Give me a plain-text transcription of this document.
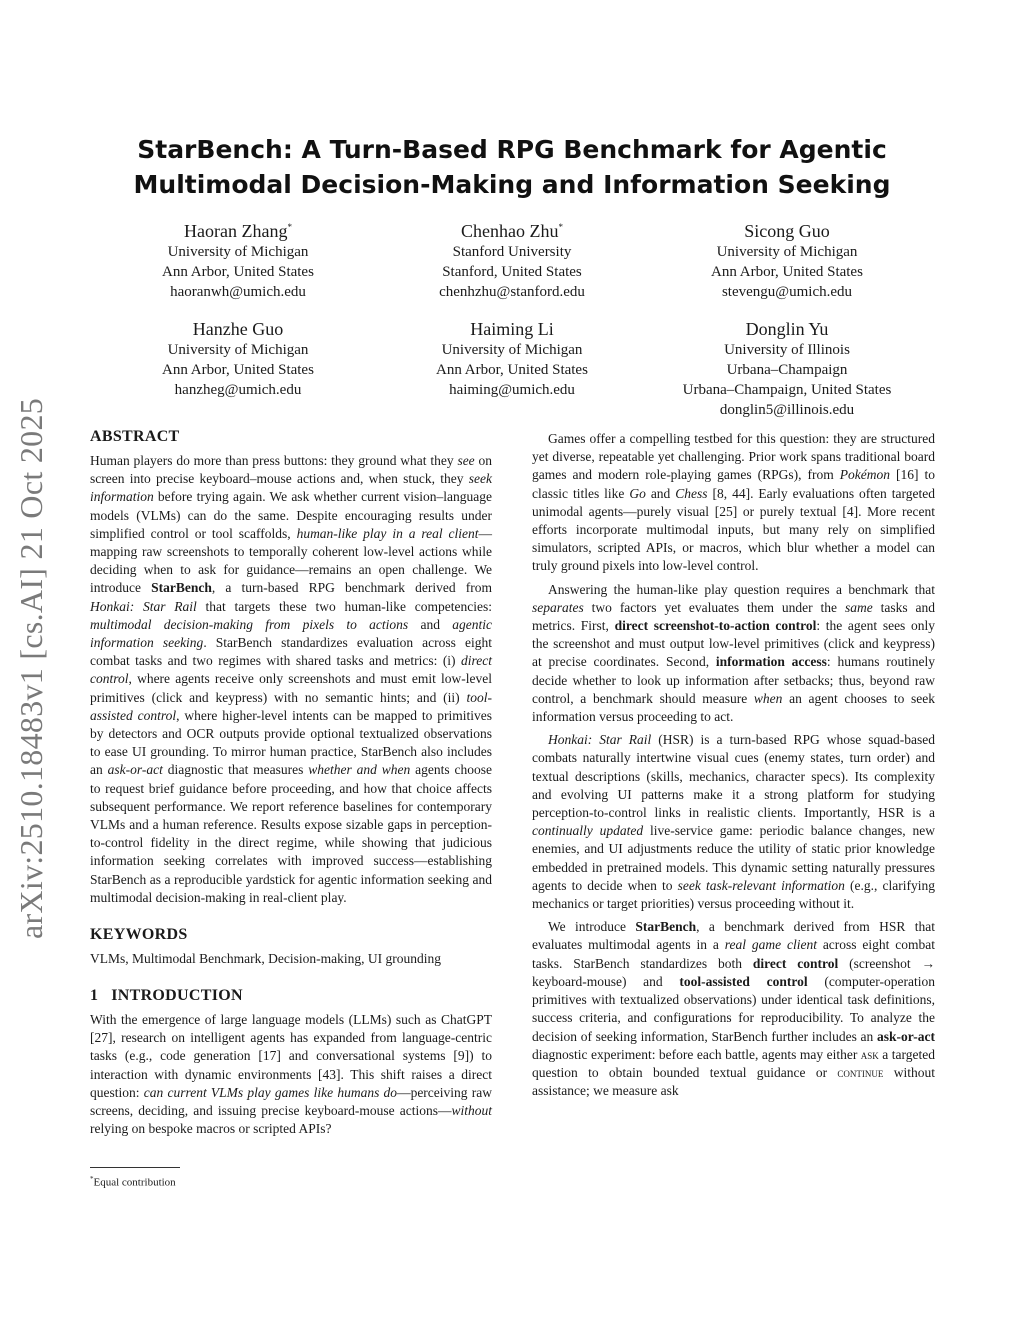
arXiv:2510.18483v1 [cs.AI] 21 Oct 2025
StarBench: A Turn-Based RPG Benchmark for Agentic
Multimodal Decision-Making and Information Seeking
Haoran Zhang*
University of Michigan
Ann Arbor, United States
haoranwh@umich.edu
Chenhao Zhu*
Stanford University
Stanford, United States
chenhzhu@stanford.edu
Sicong Guo
University of Michigan
Ann Arbor, United States
stevengu@umich.edu
Hanzhe Guo
University of Michigan
Ann Arbor, United States
hanzheg@umich.edu
Haiming Li
University of Michigan
Ann Arbor, United States
haiming@umich.edu
Donglin Yu
University of Illinois
Urbana–Champaign
Urbana–Champaign, United States
donglin5@illinois.edu
ABSTRACT

Human players do more than press buttons: they ground what they see on screen into precise keyboard–mouse actions and, when stuck, they seek information before trying again. We ask whether current vision–language models (VLMs) can do the same. Despite encouraging results under simplified control or tool scaffolds, human-like play in a real client—mapping raw screenshots to temporally coherent low-level actions while deciding when to ask for guidance—remains an open challenge. We introduce StarBench, a turn-based RPG benchmark derived from Honkai: Star Rail that targets these two human-like competencies: multimodal decision-making from pixels to actions and agentic information seeking. StarBench standardizes evaluation across eight combat tasks and two regimes with shared tasks and metrics: (i) direct control, where agents receive only screenshots and must emit low-level primitives (click and keypress) with no semantic hints; and (ii) tool-assisted control, where higher-level intents can be mapped to primitives by detectors and OCR outputs provide optional textualized observations to ease UI grounding. To mirror human practice, StarBench also includes an ask-or-act diagnostic that measures whether and when agents choose to request brief guidance before proceeding, and how that choice affects subsequent performance. We report reference baselines for contemporary VLMs and a human reference. Results expose sizable gaps in perception-to-control fidelity in the direct regime, while showing that judicious information seeking correlates with improved success—establishing StarBench as a reproducible yardstick for agentic information seeking and multimodal decision-making in real-client play.

KEYWORDS

VLMs, Multimodal Benchmark, Decision-making, UI grounding

1 INTRODUCTION

With the emergence of large language models (LLMs) such as ChatGPT [27], research on intelligent agents has expanded from language-centric tasks (e.g., code generation [17] and conversational systems [9]) to interaction with dynamic environments [43]. This shift raises a direct question: can current VLMs play games like humans do—perceiving raw screens, deciding, and issuing precise keyboard-mouse actions—without relying on bespoke macros or scripted APIs?

Games offer a compelling testbed for this question: they are structured yet diverse, repeatable yet challenging. Prior work spans traditional board games and modern role-playing games (RPGs), from Pokémon [16] to classic titles like Go and Chess [8, 44]. Early evaluations often targeted unimodal agents—purely visual [25] or purely textual [4]. More recent efforts incorporate multimodal inputs, but many rely on simplified simulators, scripted APIs, or macros, which blur whether a model can truly ground pixels into low-level control.

Answering the human-like play question requires a benchmark that separates two factors yet evaluates them under the same tasks and metrics. First, direct screenshot-to-action control: the agent sees only the screenshot and must output low-level primitives (click and keypress) at precise coordinates. Second, information access: humans routinely decide whether to look up information after setbacks; thus, beyond raw control, a benchmark should measure when an agent chooses to seek information versus proceeding to act.

Honkai: Star Rail (HSR) is a turn-based RPG whose squad-based combats naturally intertwine visual cues (enemy states, turn order) and textual descriptions (skills, mechanics, character specs). Its complexity and evolving UI patterns make it a strong platform for studying perception-to-control links in realistic clients. Importantly, HSR is a continually updated live-service game: periodic balance changes, new enemies, and UI adjustments reduce the utility of static prior knowledge embedded in pretrained models. This dynamic setting naturally pressures agents to decide when to seek task-relevant information (e.g., clarifying mechanics or target priorities) versus proceeding without it.

We introduce StarBench, a benchmark derived from HSR that evaluates multimodal agents in a real game client across eight combat tasks. StarBench standardizes both direct control (screenshot → keyboard-mouse) and tool-assisted control (computer-operation primitives with textualized observations) under identical task definitions, success criteria, and configurations for reproducibility. To analyze the decision of seeking information, StarBench further includes an ask-or-act diagnostic experiment: before each battle, agents may either ask a targeted question to obtain bounded textual guidance or continue without assistance; we measure ask

*Equal contribution
